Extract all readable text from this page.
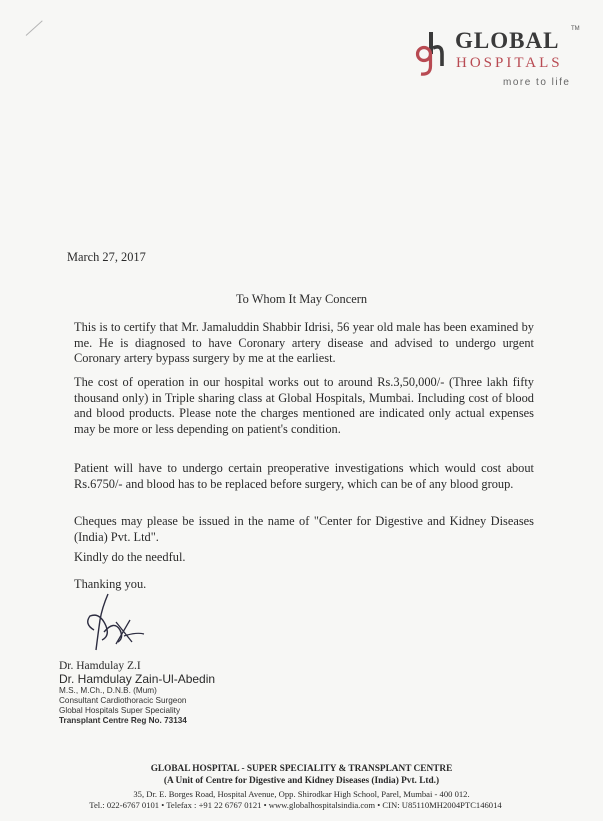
GLOBAL TM
HOSPITALS
more to life
March 27, 2017
To Whom It May Concern
This is to certify that Mr. Jamaluddin Shabbir Idrisi, 56 year old male has been examined by me. He is diagnosed to have Coronary artery disease and advised to undergo urgent Coronary artery bypass surgery by me at the earliest.
The cost of operation in our hospital works out to around Rs.3,50,000/- (Three lakh fifty thousand only) in Triple sharing class at Global Hospitals, Mumbai. Including cost of blood and blood products. Please note the charges mentioned are indicated only actual expenses may be more or less depending on patient's condition.
Patient will have to undergo certain preoperative investigations which would cost about Rs.6750/- and blood has to be replaced before surgery, which can be of any blood group.
Cheques may please be issued in the name of "Center for Digestive and Kidney Diseases (India) Pvt. Ltd".
Kindly do the needful.
Thanking you.
Dr. Hamdulay Z.I
Dr. Hamdulay Zain-Ul-Abedin
M.S., M.Ch., D.N.B. (Mum)
Consultant Cardiothoracic Surgeon
Global Hospitals Super Speciality
Transplant Centre Reg No. 73134
GLOBAL HOSPITAL - SUPER SPECIALITY & TRANSPLANT CENTRE
(A Unit of Centre for Digestive and Kidney Diseases (India) Pvt. Ltd.)
35, Dr. E. Borges Road, Hospital Avenue, Opp. Shirodkar High School, Parel, Mumbai - 400 012.
Tel.: 022-6767 0101 • Telefax : +91 22 6767 0121 • www.globalhospitalsindia.com • CIN: U85110MH2004PTC146014
